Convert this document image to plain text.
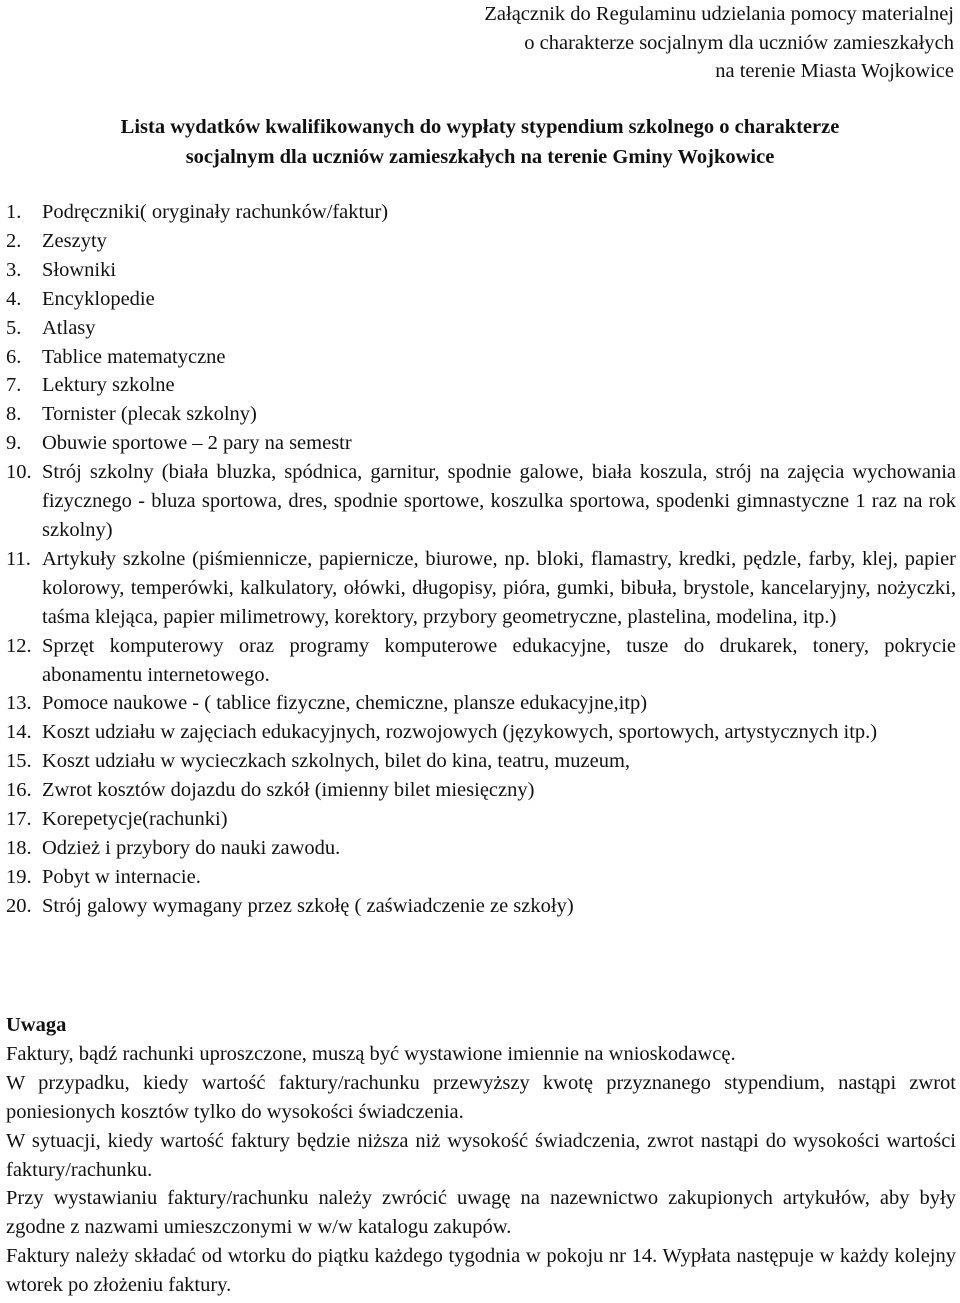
Załącznik do Regulaminu udzielania pomocy materialnej
o charakterze socjalnym dla uczniów zamieszkałych
na terenie Miasta Wojkowice
Lista wydatków kwalifikowanych do wypłaty stypendium szkolnego o charakterze
socjalnym dla uczniów zamieszkałych na terenie Gminy Wojkowice
1.	Podręczniki( oryginały rachunków/faktur)
2.	Zeszyty
3.	Słowniki
4.	Encyklopedie
5.	Atlasy
6.	Tablice matematyczne
7.	Lektury szkolne
8.	Tornister (plecak szkolny)
9.	Obuwie sportowe – 2 pary na semestr
10. Strój szkolny (biała bluzka, spódnica, garnitur, spodnie galowe, biała koszula, strój na zajęcia wychowania fizycznego - bluza sportowa, dres, spodnie sportowe, koszulka sportowa, spodenki gimnastyczne 1 raz na rok szkolny)
11. Artykuły szkolne (piśmiennicze, papiernicze, biurowe, np. bloki, flamastry, kredki, pędzle, farby, klej, papier kolorowy, temperówki, kalkulatory, ołówki, długopisy, pióra, gumki, bibuła, brystole, kancelaryjny, nożyczki, taśma klejąca, papier milimetrowy, korektory, przybory geometryczne, plastelina, modelina, itp.)
12. Sprzęt komputerowy oraz programy komputerowe edukacyjne, tusze do drukarek, tonery, pokrycie abonamentu internetowego.
13. Pomoce naukowe - ( tablice fizyczne, chemiczne, plansze edukacyjne,itp)
14. Koszt udziału w zajęciach edukacyjnych, rozwojowych (językowych, sportowych, artystycznych itp.)
15. Koszt udziału w wycieczkach szkolnych, bilet do kina, teatru, muzeum,
16. Zwrot kosztów dojazdu do szkół (imienny bilet miesięczny)
17. Korepetycje(rachunki)
18. Odzież i przybory do nauki zawodu.
19. Pobyt w internacie.
20. Strój galowy wymagany przez szkołę ( zaświadczenie ze szkoły)

Uwaga

Faktury, bądź rachunki uproszczone, muszą być wystawione imiennie na wnioskodawcę.

W przypadku, kiedy wartość faktury/rachunku przewyższy kwotę przyznanego stypendium, nastąpi zwrot poniesionych kosztów tylko do wysokości świadczenia.

W sytuacji, kiedy wartość faktury będzie niższa niż wysokość świadczenia, zwrot nastąpi do wysokości wartości faktury/rachunku.

Przy wystawianiu faktury/rachunku należy zwrócić uwagę na nazewnictwo zakupionych artykułów, aby były zgodne z nazwami umieszczonymi w w/w katalogu zakupów.

Faktury należy składać od wtorku do piątku każdego tygodnia w pokoju nr 14. Wypłata następuje w każdy kolejny wtorek po złożeniu faktury.
